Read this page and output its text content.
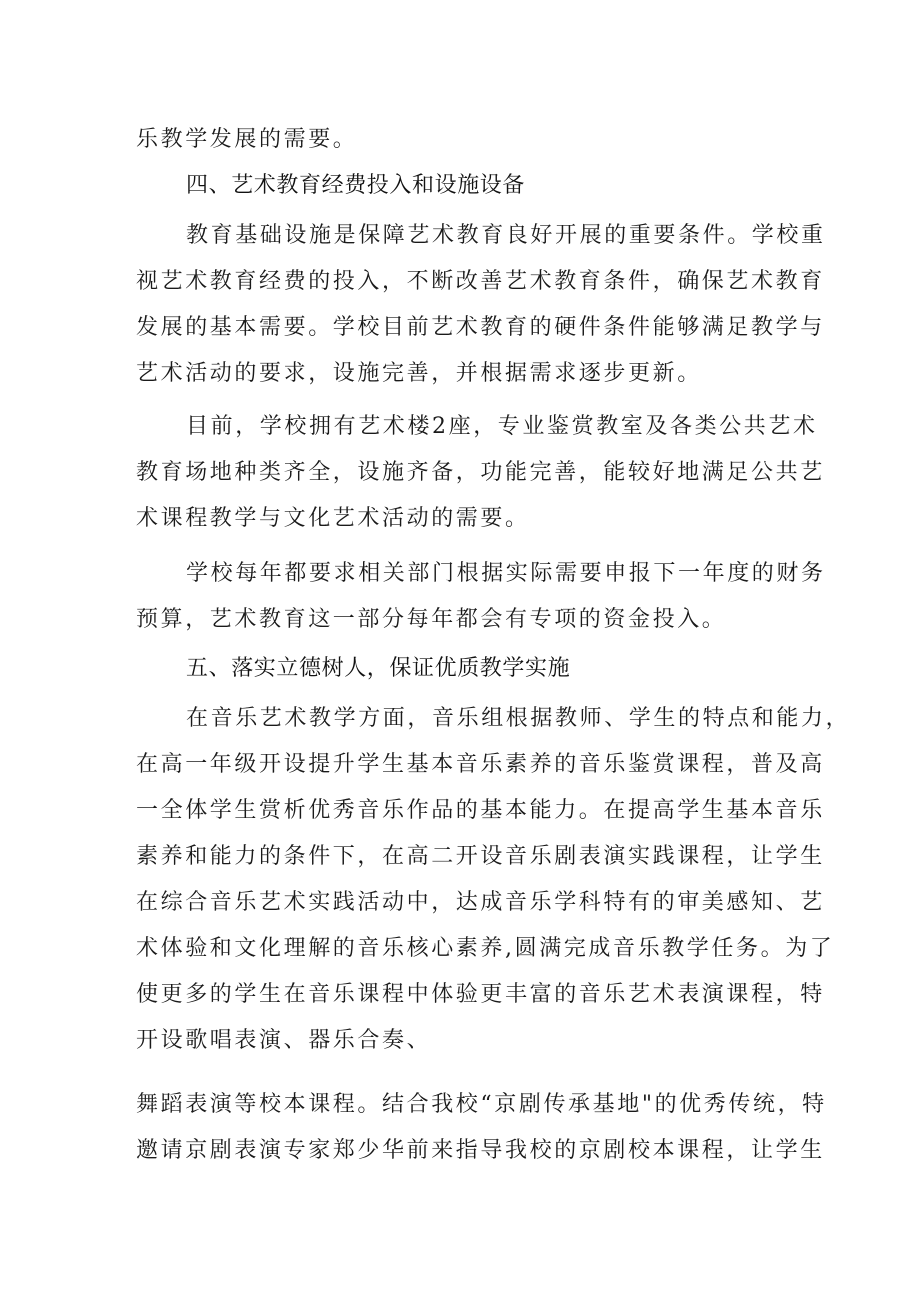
乐教学发展的需要。
四、艺术教育经费投入和设施设备
教育基础设施是保障艺术教育良好开展的重要条件。学校重
视艺术教育经费的投入，不断改善艺术教育条件，确保艺术教育
发展的基本需要。学校目前艺术教育的硬件条件能够满足教学与
艺术活动的要求，设施完善，并根据需求逐步更新。
目前，学校拥有艺术楼2座，专业鉴赏教室及各类公共艺术
教育场地种类齐全，设施齐备，功能完善，能较好地满足公共艺
术课程教学与文化艺术活动的需要。
学校每年都要求相关部门根据实际需要申报下一年度的财务
预算，艺术教育这一部分每年都会有专项的资金投入。
五、落实立德树人，保证优质教学实施
在音乐艺术教学方面，音乐组根据教师、学生的特点和能力，
在高一年级开设提升学生基本音乐素养的音乐鉴赏课程，普及高
一全体学生赏析优秀音乐作品的基本能力。在提高学生基本音乐
素养和能力的条件下，在高二开设音乐剧表演实践课程，让学生
在综合音乐艺术实践活动中，达成音乐学科特有的审美感知、艺
术体验和文化理解的音乐核心素养,圆满完成音乐教学任务。为了
使更多的学生在音乐课程中体验更丰富的音乐艺术表演课程，特
开设歌唱表演、器乐合奏、
舞蹈表演等校本课程。结合我校“京剧传承基地"的优秀传统，特
邀请京剧表演专家郑少华前来指导我校的京剧校本课程，让学生
